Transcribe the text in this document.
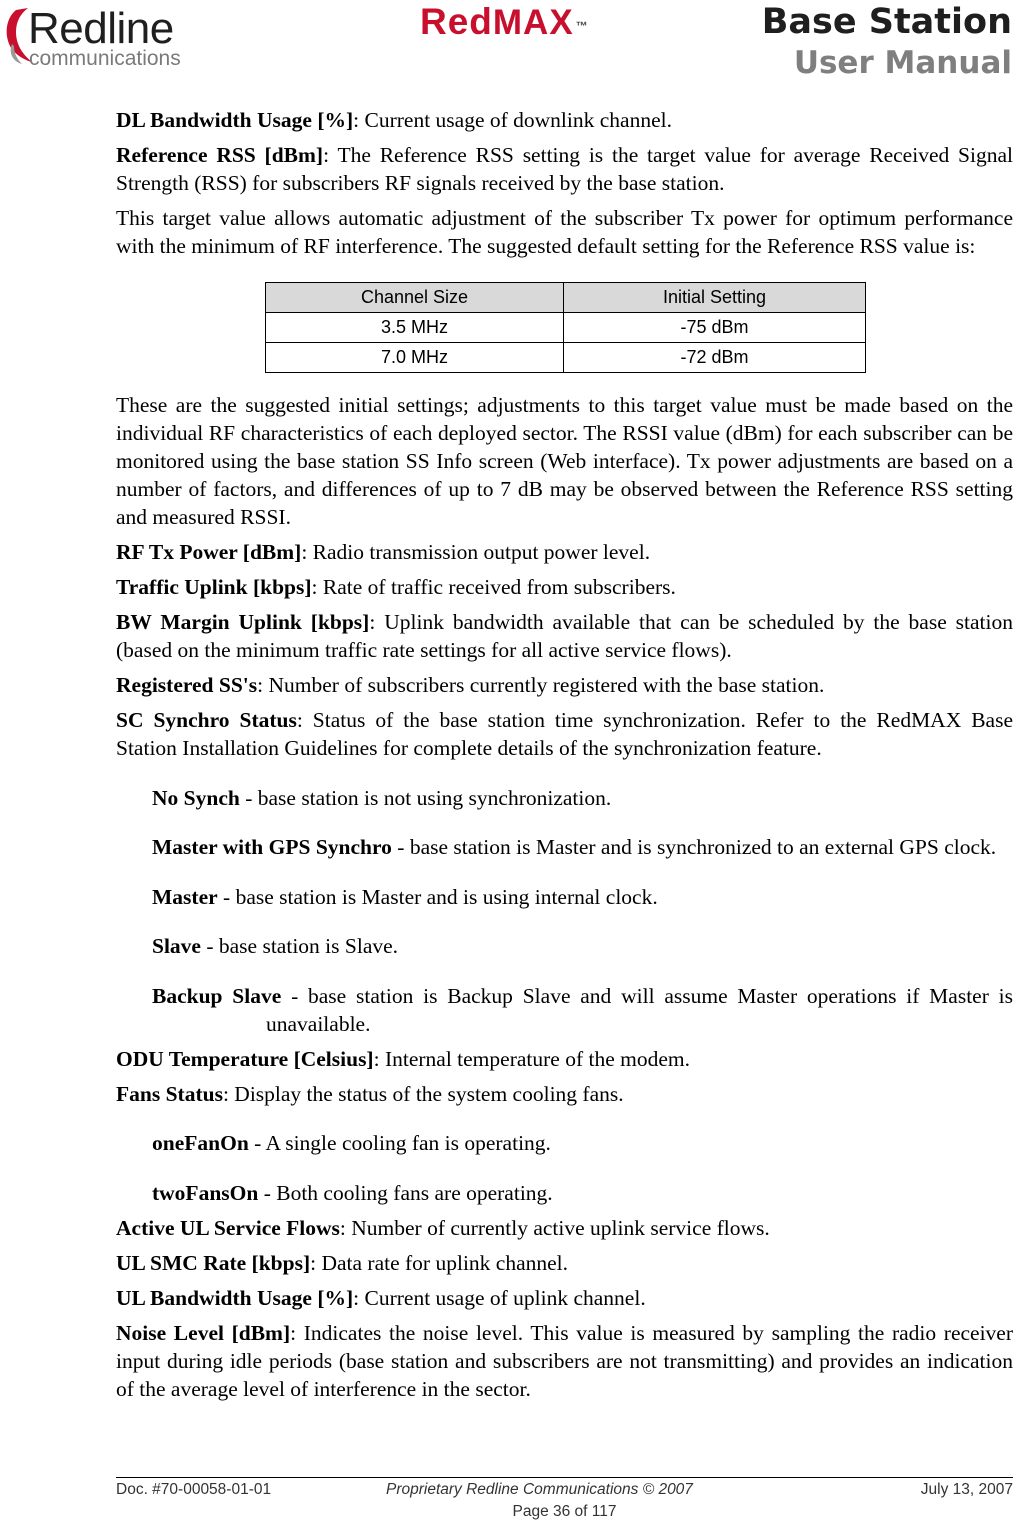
Redline
communications
RedMAX ™	Base Station
User Manual

DL Bandwidth Usage [%]: Current usage of downlink channel.

Reference RSS [dBm]: The Reference RSS setting is the target value for average Received Signal Strength (RSS) for subscribers RF signals received by the base station.

This target value allows automatic adjustment of the subscriber Tx power for optimum performance with the minimum of RF interference. The suggested default setting for the Reference RSS value is:

Channel Size	Initial Setting
3.5 MHz	-75 dBm
7.0 MHz	-72 dBm

These are the suggested initial settings; adjustments to this target value must be made based on the individual RF characteristics of each deployed sector. The RSSI value (dBm) for each subscriber can be monitored using the base station SS Info screen (Web interface). Tx power adjustments are based on a number of factors, and differences of up to 7 dB may be observed between the Reference RSS setting and measured RSSI.

RF Tx Power [dBm]: Radio transmission output power level.

Traffic Uplink [kbps]: Rate of traffic received from subscribers.

BW Margin Uplink [kbps]: Uplink bandwidth available that can be scheduled by the base station (based on the minimum traffic rate settings for all active service flows).

Registered SS's: Number of subscribers currently registered with the base station.

SC Synchro Status: Status of the base station time synchronization. Refer to the RedMAX Base Station Installation Guidelines for complete details of the synchronization feature.

No Synch - base station is not using synchronization.

Master with GPS Synchro - base station is Master and is synchronized to an external GPS clock.

Master - base station is Master and is using internal clock.

Slave - base station is Slave.

Backup Slave - base station is Backup Slave and will assume Master operations if Master is unavailable.

ODU Temperature [Celsius]: Internal temperature of the modem.

Fans Status: Display the status of the system cooling fans.

oneFanOn - A single cooling fan is operating.

twoFansOn - Both cooling fans are operating.

Active UL Service Flows: Number of currently active uplink service flows.

UL SMC Rate [kbps]: Data rate for uplink channel.

UL Bandwidth Usage [%]: Current usage of uplink channel.

Noise Level [dBm]: Indicates the noise level. This value is measured by sampling the radio receiver input during idle periods (base station and subscribers are not transmitting) and provides an indication of the average level of interference in the sector.

Doc. #70-00058-01-01	Proprietary Redline Communications © 2007	July 13, 2007
Page 36 of 117
